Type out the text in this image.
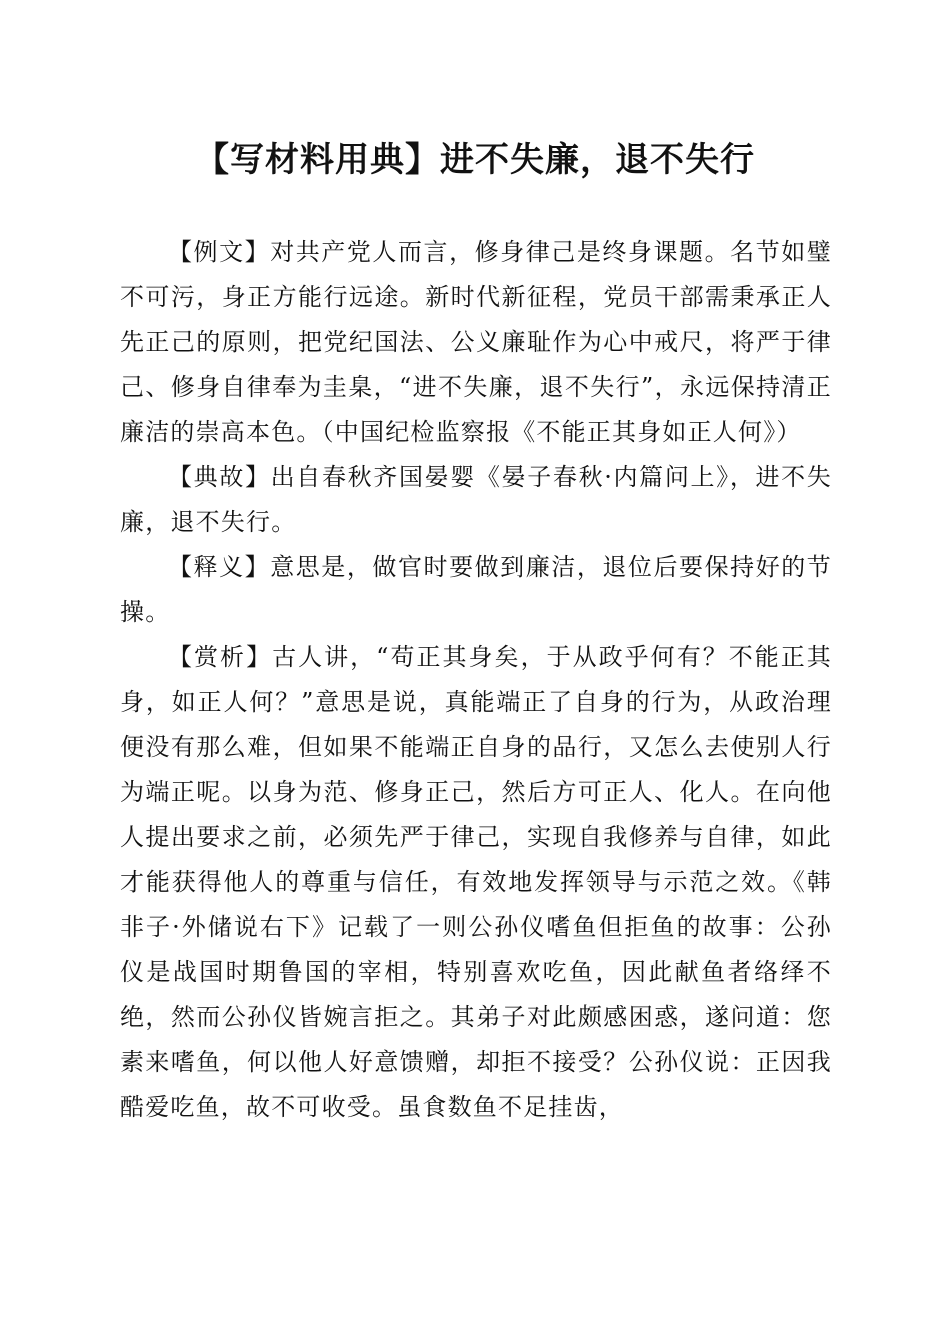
【写材料用典】进不失廉，退不失行

【例文】对共产党人而言，修身律己是终身课题。名节如璧不可污，身正方能行远途。新时代新征程，党员干部需秉承正人先正己的原则，把党纪国法、公义廉耻作为心中戒尺，将严于律己、修身自律奉为圭臬，“进不失廉，退不失行”，永远保持清正廉洁的崇高本色。（中国纪检监察报《不能正其身如正人何》）

【典故】出自春秋齐国晏婴《晏子春秋·内篇问上》，进不失廉，退不失行。

【释义】意思是，做官时要做到廉洁，退位后要保持好的节操。

【赏析】古人讲，“苟正其身矣，于从政乎何有？不能正其身，如正人何？”意思是说，真能端正了自身的行为，从政治理便没有那么难，但如果不能端正自身的品行，又怎么去使别人行为端正呢。以身为范、修身正己，然后方可正人、化人。在向他人提出要求之前，必须先严于律己，实现自我修养与自律，如此才能获得他人的尊重与信任，有效地发挥领导与示范之效。《韩非子·外储说右下》记载了一则公孙仪嗜鱼但拒鱼的故事：公孙仪是战国时期鲁国的宰相，特别喜欢吃鱼，因此献鱼者络绎不绝，然而公孙仪皆婉言拒之。其弟子对此颇感困惑，遂问道：您素来嗜鱼，何以他人好意馈赠，却拒不接受？公孙仪说：正因我酷爱吃鱼，故不可收受。虽食数鱼不足挂齿，
